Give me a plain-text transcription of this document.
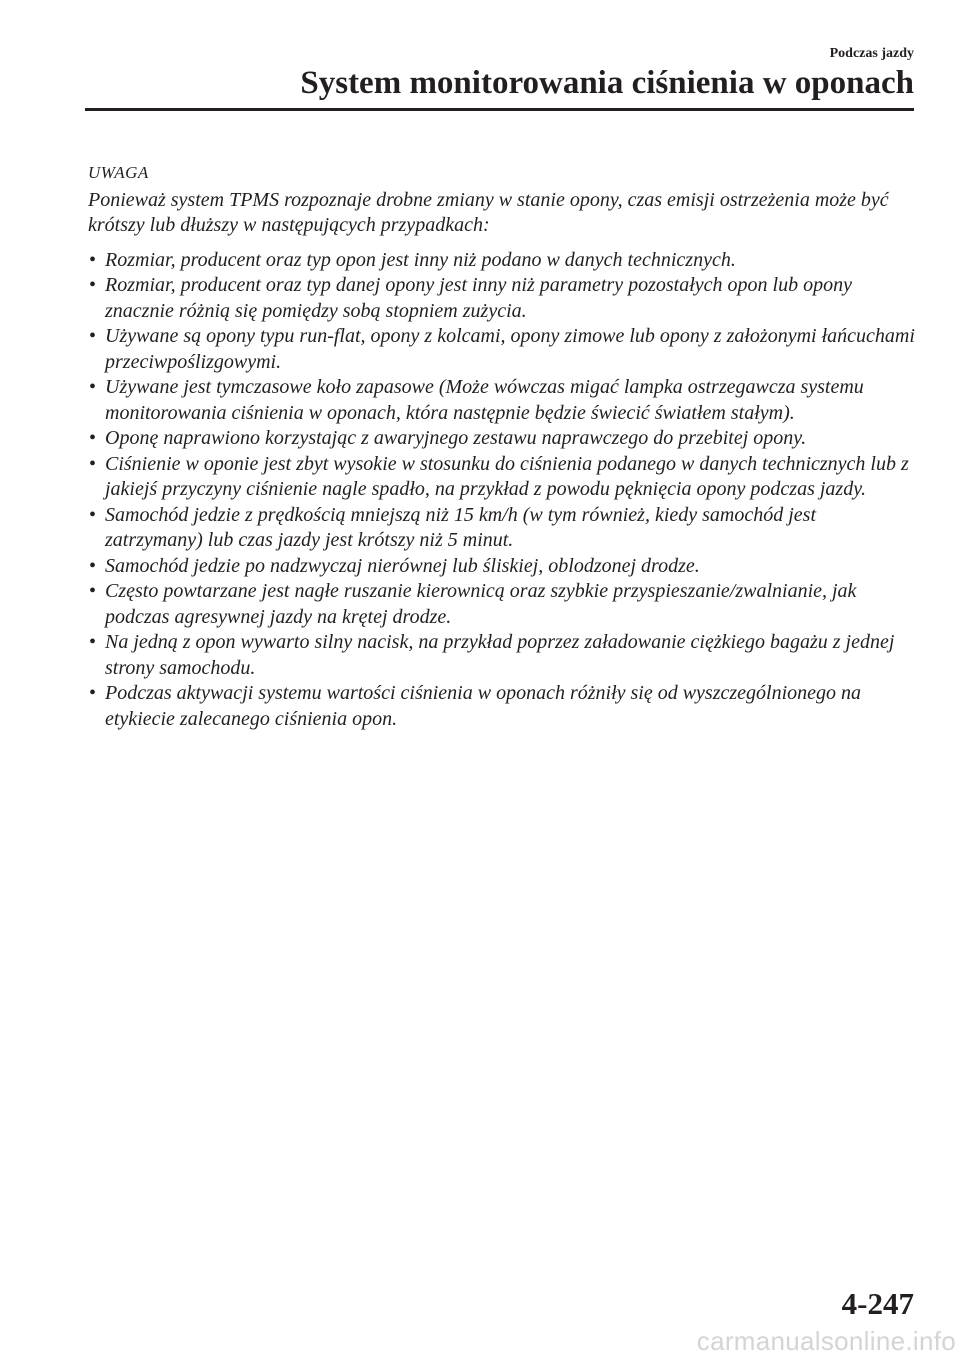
Podczas jazdy
System monitorowania ciśnienia w oponach
UWAGA

Ponieważ system TPMS rozpoznaje drobne zmiany w stanie opony, czas emisji ostrzeżenia może być krótszy lub dłuższy w następujących przypadkach:

• Rozmiar, producent oraz typ opon jest inny niż podano w danych technicznych.
• Rozmiar, producent oraz typ danej opony jest inny niż parametry pozostałych opon lub opony znacznie różnią się pomiędzy sobą stopniem zużycia.
• Używane są opony typu run-flat, opony z kolcami, opony zimowe lub opony z założonymi łańcuchami przeciwpoślizgowymi.
• Używane jest tymczasowe koło zapasowe (Może wówczas migać lampka ostrzegawcza systemu monitorowania ciśnienia w oponach, która następnie będzie świecić światłem stałym).
• Oponę naprawiono korzystając z awaryjnego zestawu naprawczego do przebitej opony.
• Ciśnienie w oponie jest zbyt wysokie w stosunku do ciśnienia podanego w danych technicznych lub z jakiejś przyczyny ciśnienie nagle spadło, na przykład z powodu pęknięcia opony podczas jazdy.
• Samochód jedzie z prędkością mniejszą niż 15 km/h (w tym również, kiedy samochód jest zatrzymany) lub czas jazdy jest krótszy niż 5 minut.
• Samochód jedzie po nadzwyczaj nierównej lub śliskiej, oblodzonej drodze.
• Często powtarzane jest nagłe ruszanie kierownicą oraz szybkie przyspieszanie/zwalnianie, jak podczas agresywnej jazdy na krętej drodze.
• Na jedną z opon wywarto silny nacisk, na przykład poprzez załadowanie ciężkiego bagażu z jednej strony samochodu.
• Podczas aktywacji systemu wartości ciśnienia w oponach różniły się od wyszczególnionego na etykiecie zalecanego ciśnienia opon.
4-247
carmanualsonline.info
